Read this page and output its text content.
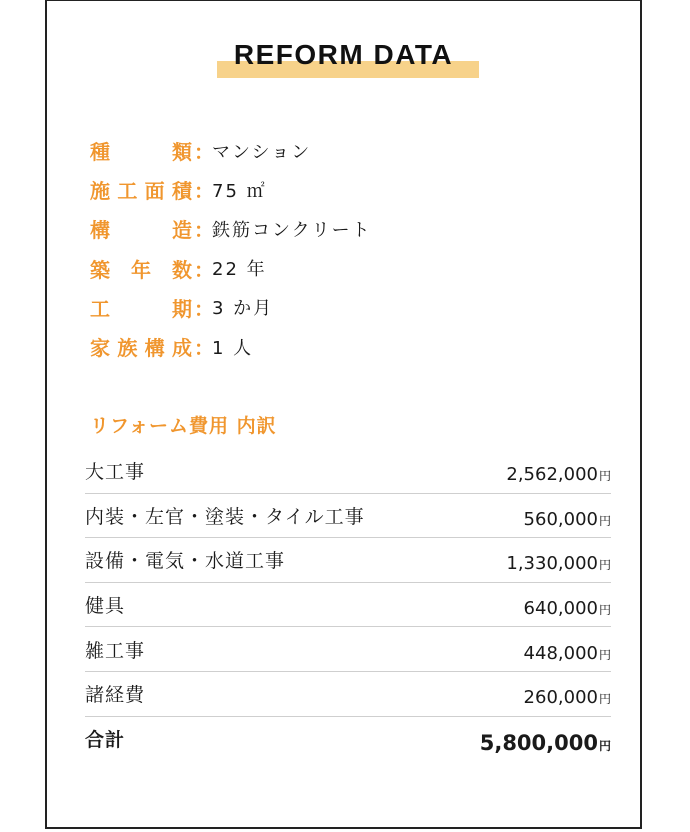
REFORM DATA
種	類 ：
マンション
施 工 面 積 ：
75 ㎡
構	造 ：
鉄筋コンクリート
築 年 数 ：
22 年
工	期 ：
3 か月
家 族 構 成 ：
1 人
リフォーム費用 内訳
大工事	2,562,000円
内装・左官・塗装・タイル工事	560,000円
設備・電気・水道工事	1,330,000円
健具	640,000円
雑工事	448,000円
諸経費	260,000円
合計	5,800,000円
